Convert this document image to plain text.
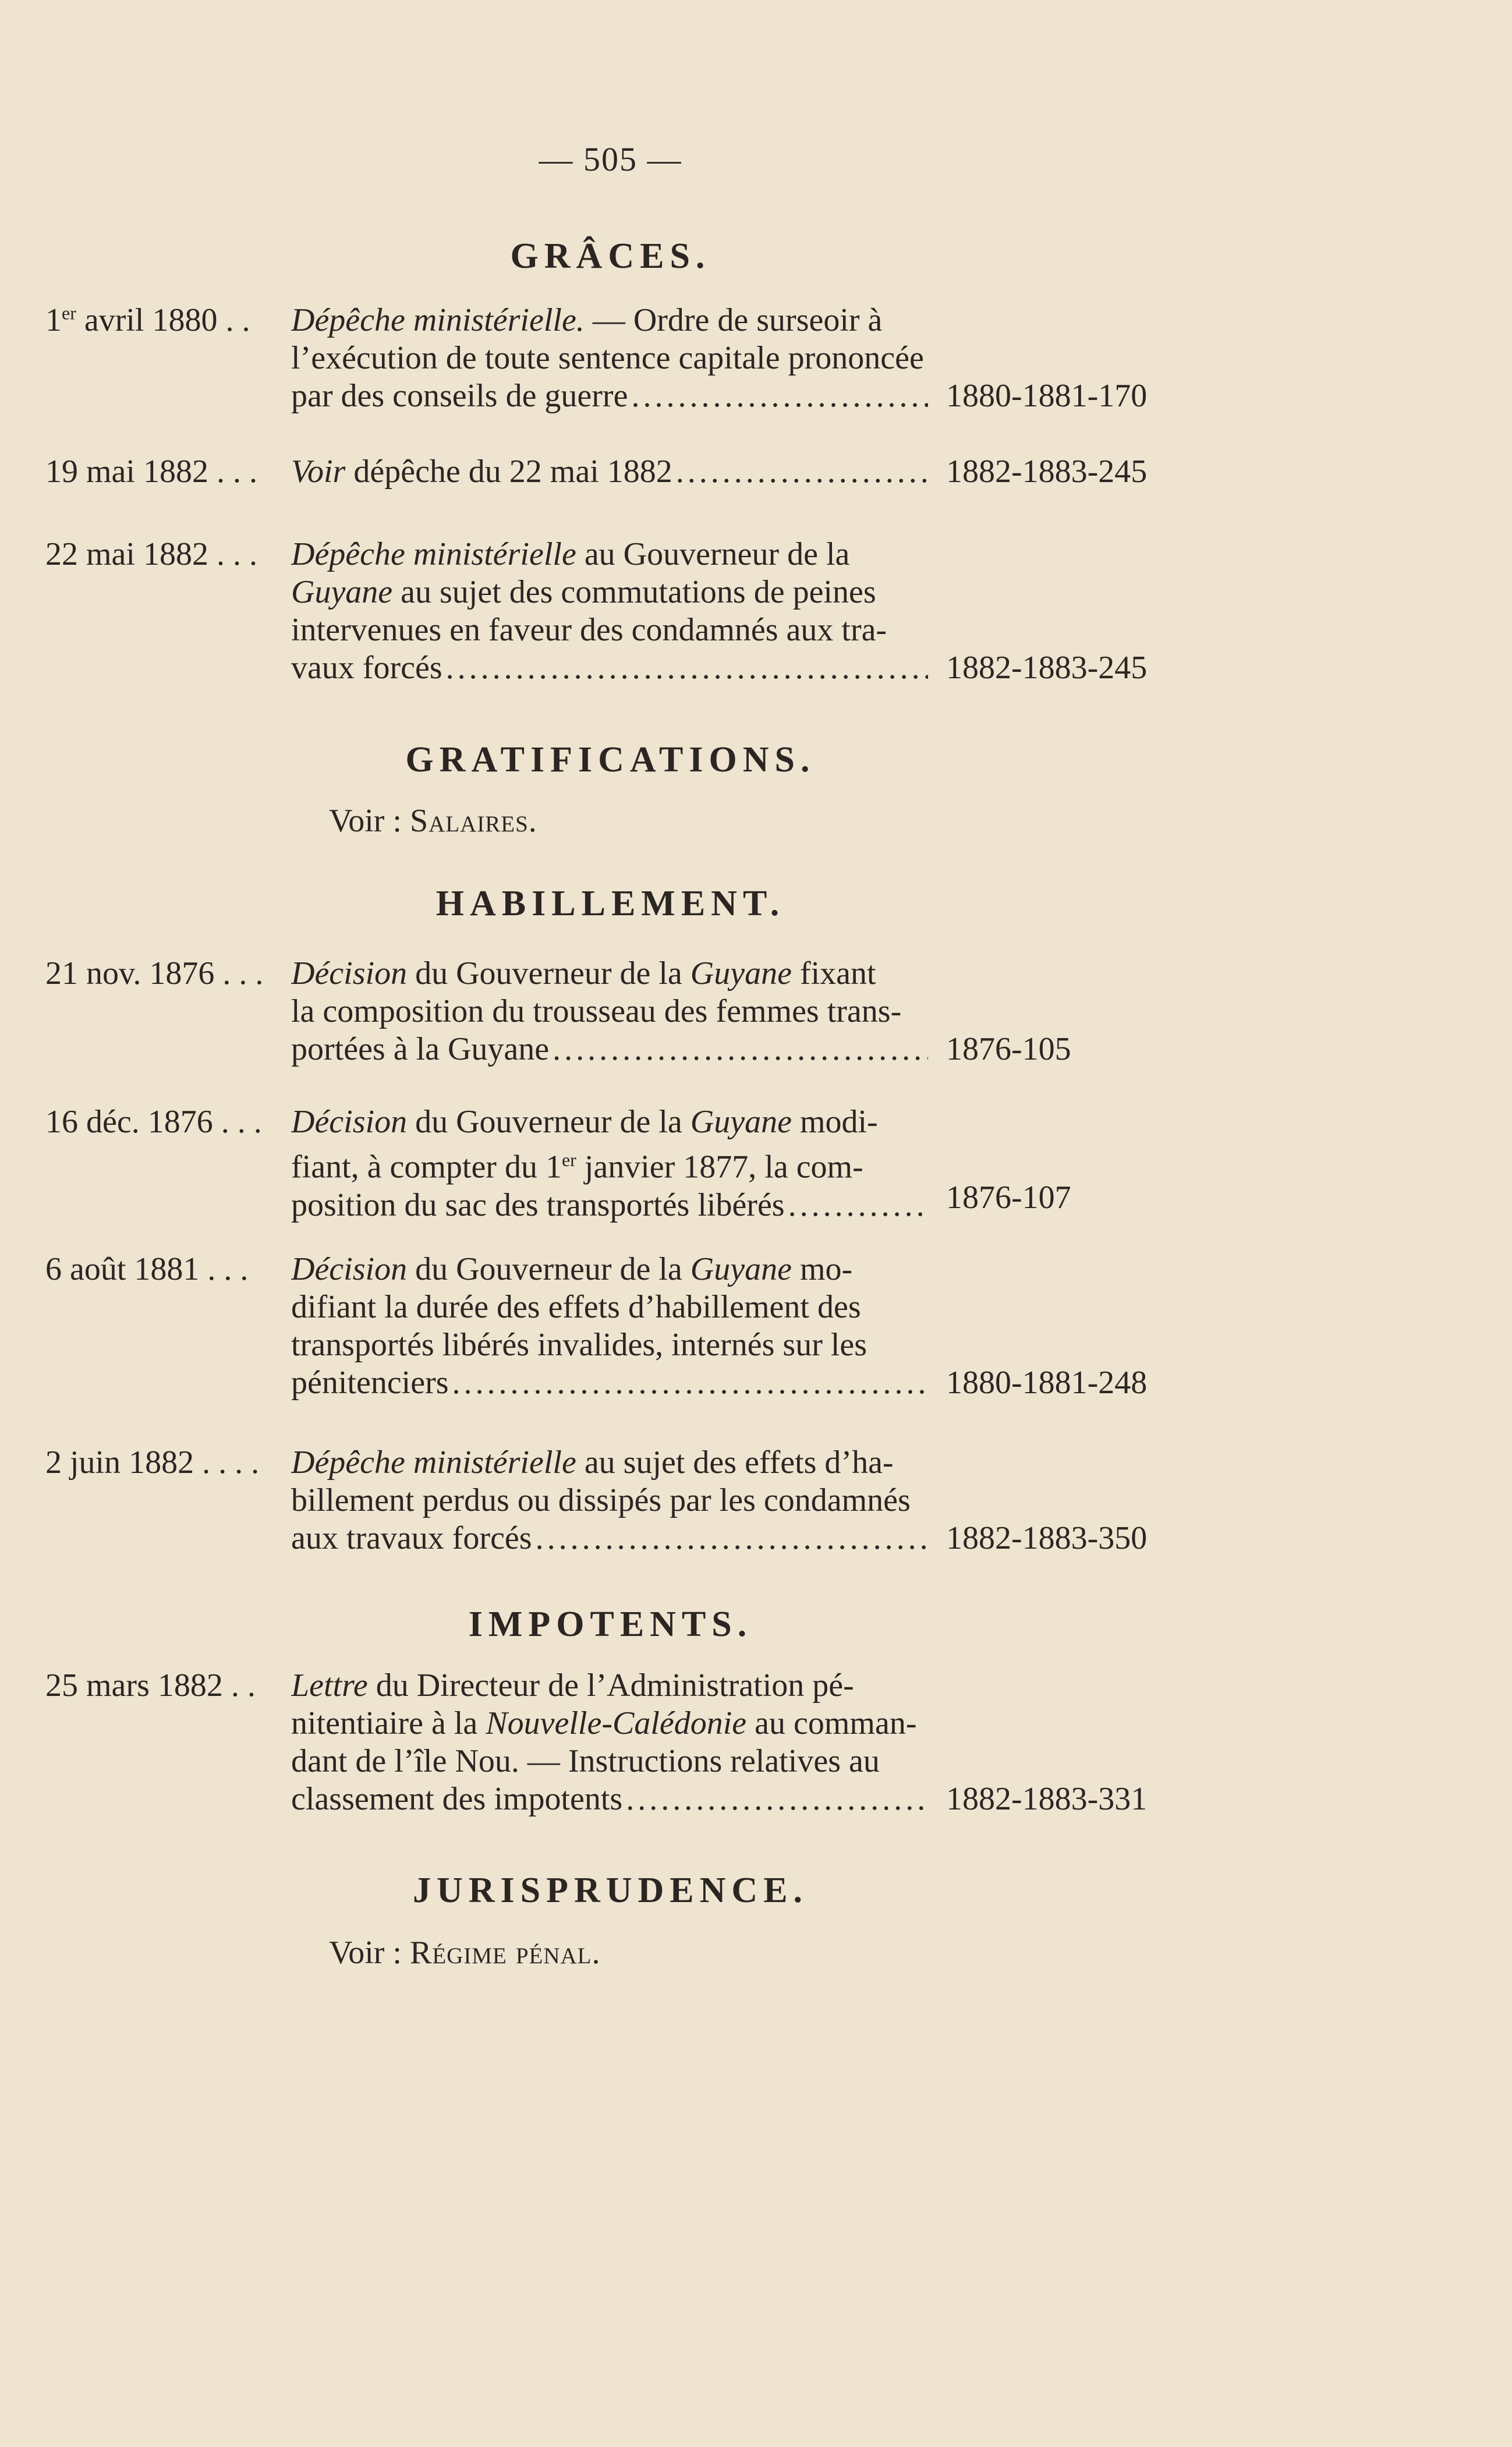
— 505 —
GRÂCES.
1er avril 1880 . . Dépêche ministérielle. — Ordre de surseoir à
l’exécution de toute sentence capitale prononcée
par des conseils de guerre .....	1880-1881-170
19 mai 1882 . . . Voir dépêche du 22 mai 1882 .....	1882-1883-245
22 mai 1882 . . . Dépêche ministérielle au Gouverneur de la
Guyane au sujet des commutations de peines
intervenues en faveur des condamnés aux tra-
vaux forcés .....	1882-1883-245
GRATIFICATIONS.
Voir : Salaires.
HABILLEMENT.
21 nov. 1876 . . . Décision du Gouverneur de la Guyane fixant
la composition du trousseau des femmes trans-
portées à la Guyane .....	1876-105
16 déc. 1876 . . . Décision du Gouverneur de la Guyane modi-
fiant, à compter du 1er janvier 1877, la com-
position du sac des transportés libérés .....	1876-107
6 août 1881 . . . Décision du Gouverneur de la Guyane mo-
difiant la durée des effets d’habillement des
transportés libérés invalides, internés sur les
pénitenciers .....	1880-1881-248
2 juin 1882 . . . . Dépêche ministérielle au sujet des effets d’ha-
billement perdus ou dissipés par les condamnés
aux travaux forcés .....	1882-1883-350
IMPOTENTS.
25 mars 1882 . . Lettre du Directeur de l’Administration pé-
nitentiaire à la Nouvelle-Calédonie au comman-
dant de l’île Nou. — Instructions relatives au
classement des impotents .....	1882-1883-331
JURISPRUDENCE.
Voir : Régime pénal.
